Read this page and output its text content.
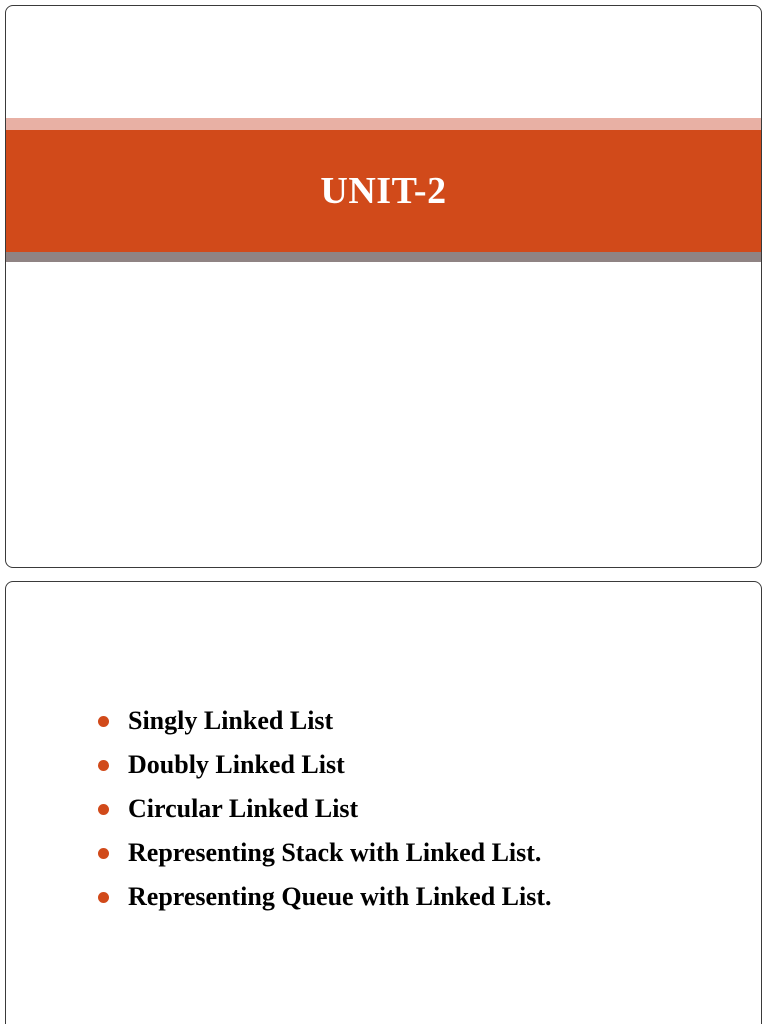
UNIT-2
Singly Linked List
Doubly Linked List
Circular Linked List
Representing Stack with Linked List.
Representing Queue with Linked List.
